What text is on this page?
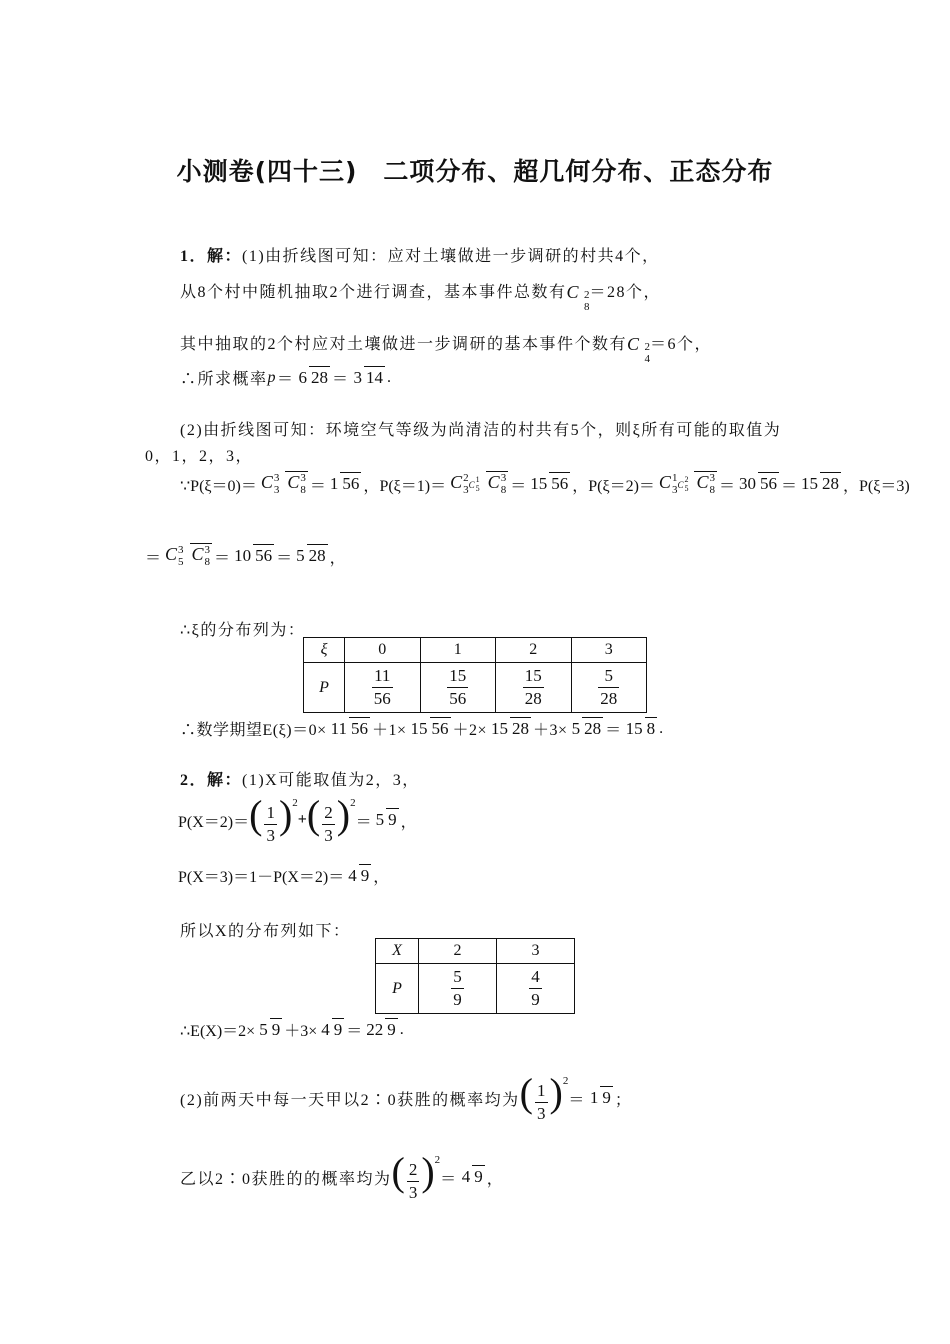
小测卷(四十三)　二项分布、超几何分布、正态分布
1．解： (1)由折线图可知：应对土壤做进一步调研的村共4个，
从8个村中随机抽取2个进行调查，基本事件总数有 C 2
8
＝28个，
其中抽取的2个村应对土壤做进一步调研的基本事件个数有 C 2
4
＝6个，
∴所求概率 p ＝ 6 28 ＝ 3 14 .
(2)由折线图可知：环境空气等级为尚清洁的村共有5个，则ξ所有可能的取值为
0，1，2，3，
∵P(ξ＝0)＝ C 3
3
C 3
8 ＝ 1 56 ， P(ξ＝1)＝ C 2
3 C
1
5
C 3
8 ＝ 15 56 ， P(ξ＝2)＝ C 1
3 C
2
5
C 3
8 ＝ 30 56 ＝ 15 28 ， P(ξ＝3)
＝ C 3
5
C 3
8 ＝ 10 56 ＝ 5 28 ，
∴ξ的分布列为：
ξ	0	1	2	3
P	$\frac{11}{56}$	$\frac{15}{56}$	$\frac{15}{28}$	$\frac{5}{28}$
∴数学期望 E(ξ)＝0× 11 56 ＋1× 15 56 ＋2× 15 28 ＋3× 5 28 ＝ 15 8 .
2．解： (1)X可能取值为2，3，
P(X＝2)＝ ( $\frac{1}{3}$ ) 2
+ ( $\frac{2}{3}$ ) 2
＝ 5 9 ，
P(X＝3)＝1－P(X＝2)＝ 4 9 ，
所以X的分布列如下：
X	2	3
P	$\frac{5}{9}$	$\frac{4}{9}$
∴E(X)＝2× 5 9 ＋3× 4 9 ＝ 22 9 .
(2)前两天中每一天甲以2∶0获胜的概率均为 ( $\frac{1}{3}$ ) 2
＝ 1 9 ；
乙以2∶0获胜的的概率均为 ( $\frac{2}{3}$ ) 2
＝ 4 9 ，
